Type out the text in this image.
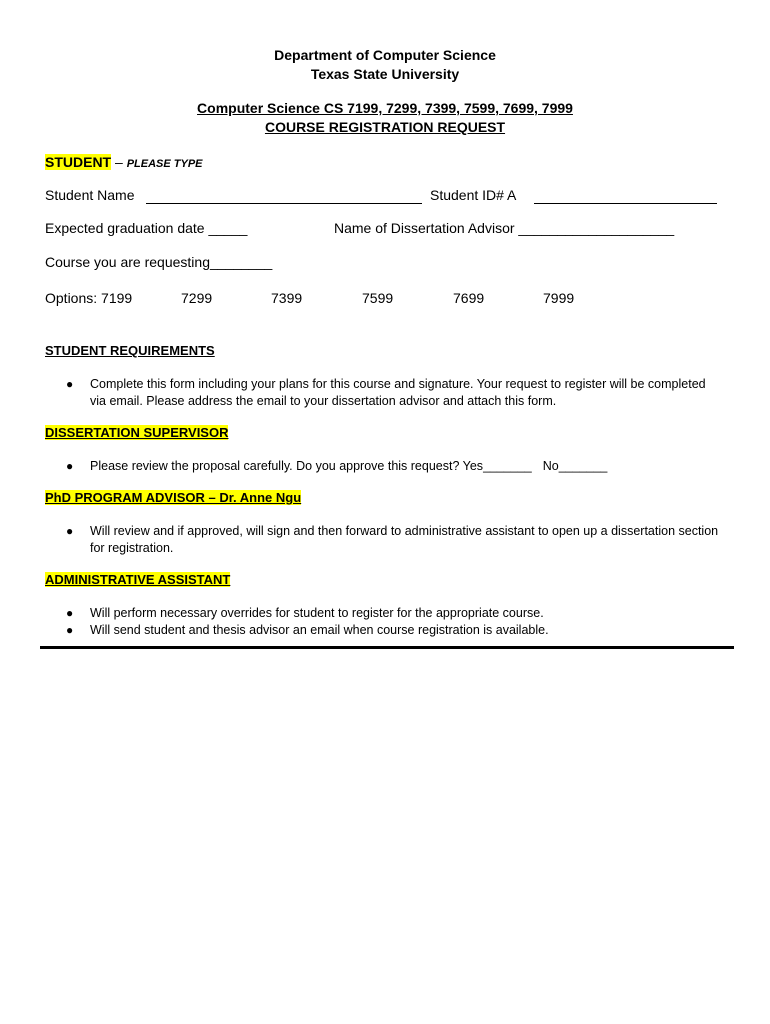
Department of Computer Science
Texas State University
Computer Science CS 7199, 7299, 7399, 7599, 7699, 7999
COURSE REGISTRATION REQUEST
STUDENT – PLEASE TYPE
Student Name	Student ID# A
Expected graduation date _____	Name of Dissertation Advisor ____________________
Course you are requesting________
Options: 7199	7299	7399	7599	7699	7999
STUDENT REQUIREMENTS
● Complete this form including your plans for this course and signature. Your request to register will be completed via email. Please address the email to your dissertation advisor and attach this form.
DISSERTATION SUPERVISOR
● Please review the proposal carefully. Do you approve this request? Yes_______ No_______
PhD PROGRAM ADVISOR – Dr. Anne Ngu
● Will review and if approved, will sign and then forward to administrative assistant to open up a dissertation section for registration.
ADMINISTRATIVE ASSISTANT
● Will perform necessary overrides for student to register for the appropriate course.
● Will send student and thesis advisor an email when course registration is available.
